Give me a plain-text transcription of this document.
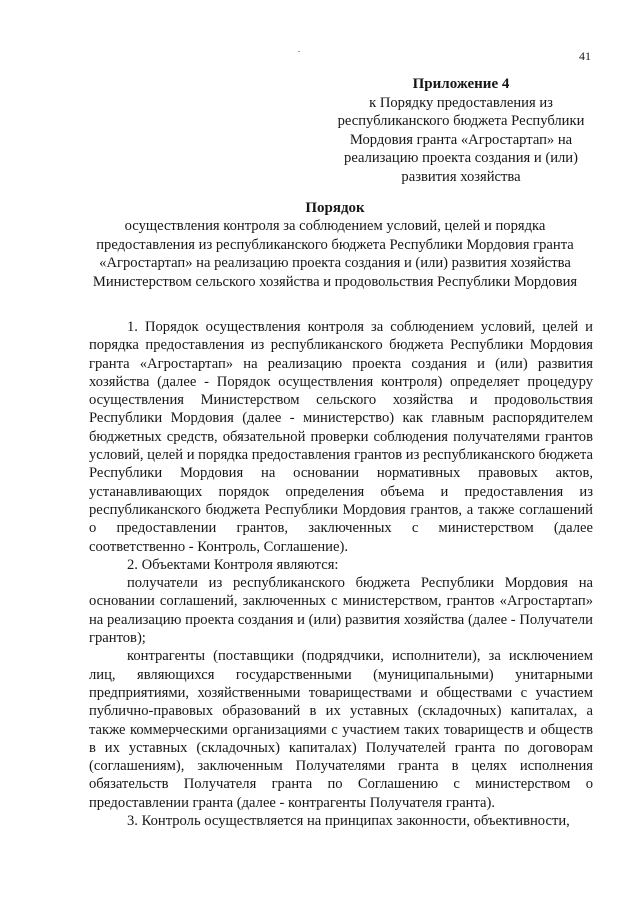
41
Приложение 4
к Порядку предоставления из республиканского бюджета Республики Мордовия гранта «Агростартап» на реализацию проекта создания и (или) развития хозяйства
Порядок
осуществления контроля за соблюдением условий, целей и порядка предоставления из республиканского бюджета Республики Мордовия гранта «Агростартап» на реализацию проекта создания и (или) развития хозяйства Министерством сельского хозяйства и продовольствия Республики Мордовия

1. Порядок осуществления контроля за соблюдением условий, целей и порядка предоставления из республиканского бюджета Республики Мордовия гранта «Агростартап» на реализацию проекта создания и (или) развития хозяйства (далее - Порядок осуществления контроля) определяет процедуру осуществления Министерством сельского хозяйства и продовольствия Республики Мордовия (далее - министерство) как главным распорядителем бюджетных средств, обязательной проверки соблюдения получателями грантов условий, целей и порядка предоставления грантов из республиканского бюджета Республики Мордовия на основании нормативных правовых актов, устанавливающих порядок определения объема и предоставления из республиканского бюджета Республики Мордовия грантов, а также соглашений о предоставлении грантов, заключенных с министерством (далее соответственно - Контроль, Соглашение).

2. Объектами Контроля являются:

получатели из республиканского бюджета Республики Мордовия на основании соглашений, заключенных с министерством, грантов «Агростартап» на реализацию проекта создания и (или) развития хозяйства (далее - Получатели грантов);

контрагенты (поставщики (подрядчики, исполнители), за исключением лиц, являющихся государственными (муниципальными) унитарными предприятиями, хозяйственными товариществами и обществами с участием публично-правовых образований в их уставных (складочных) капиталах, а также коммерческими организациями с участием таких товариществ и обществ в их уставных (складочных) капиталах) Получателей гранта по договорам (соглашениям), заключенным Получателями гранта в целях исполнения обязательств Получателя гранта по Соглашению с министерством о предоставлении гранта (далее - контрагенты Получателя гранта).

3. Контроль осуществляется на принципах законности, объективности,
